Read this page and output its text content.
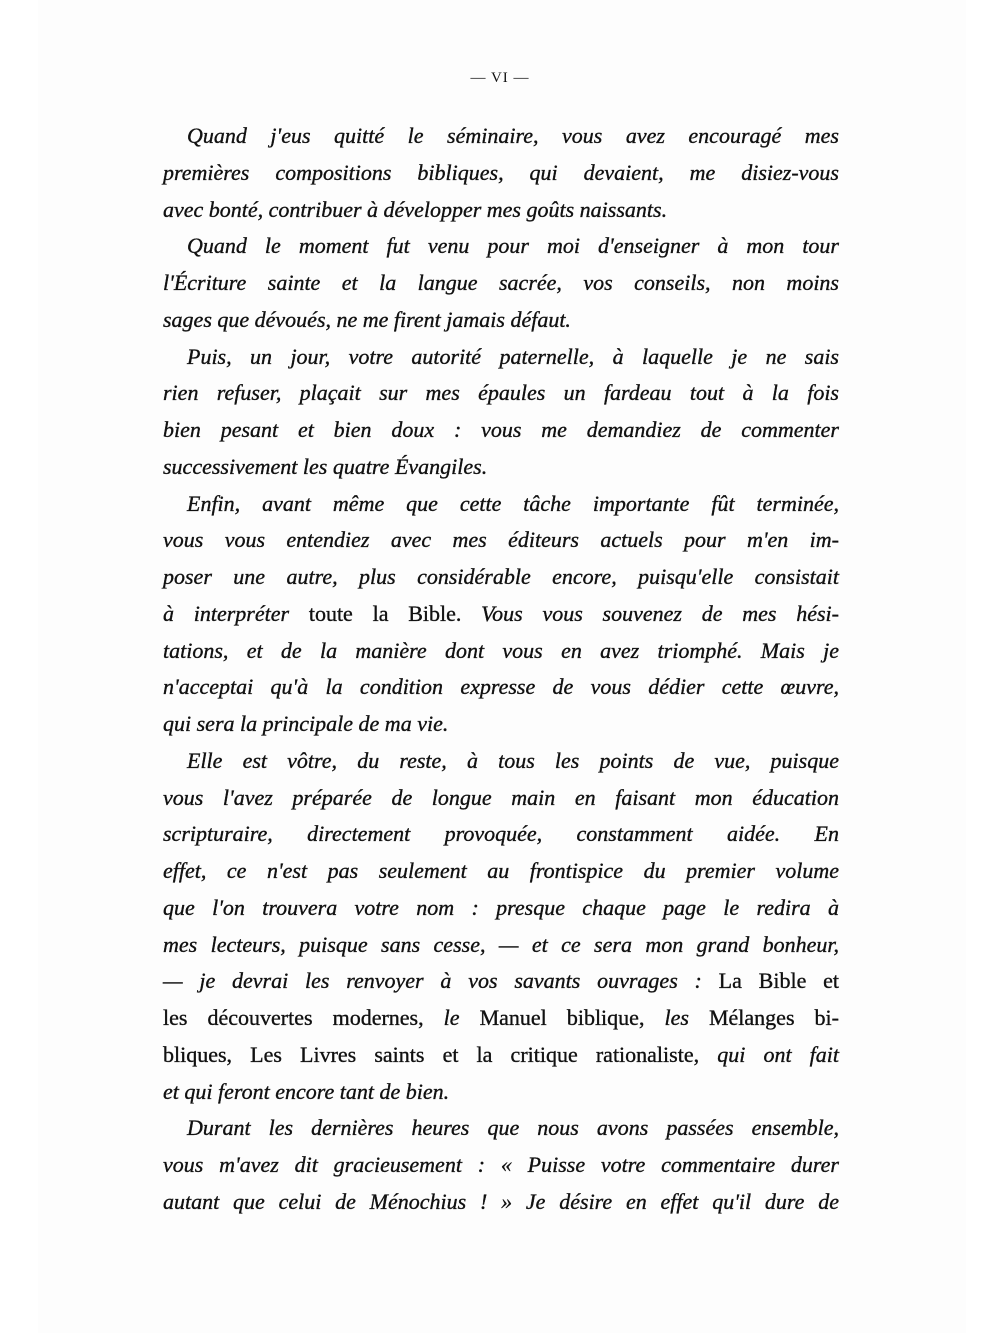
— VI —
Quand j'eus quitté le séminaire, vous avez encouragé mes
premières compositions bibliques, qui devaient, me disiez-vous
avec bonté, contribuer à développer mes goûts naissants.
Quand le moment fut venu pour moi d'enseigner à mon tour
l'Écriture sainte et la langue sacrée, vos conseils, non moins
sages que dévoués, ne me firent jamais défaut.
Puis, un jour, votre autorité paternelle, à laquelle je ne sais
rien refuser, plaçait sur mes épaules un fardeau tout à la fois
bien pesant et bien doux : vous me demandiez de commenter
successivement les quatre Évangiles.
Enfin, avant même que cette tâche importante fût terminée,
vous vous entendiez avec mes éditeurs actuels pour m'en im-
poser une autre, plus considérable encore, puisqu'elle consistait
à interpréter toute la Bible. Vous vous souvenez de mes hési-
tations, et de la manière dont vous en avez triomphé. Mais je
n'acceptai qu'à la condition expresse de vous dédier cette œuvre,
qui sera la principale de ma vie.
Elle est vôtre, du reste, à tous les points de vue, puisque
vous l'avez préparée de longue main en faisant mon éducation
scripturaire, directement provoquée, constamment aidée. En
effet, ce n'est pas seulement au frontispice du premier volume
que l'on trouvera votre nom : presque chaque page le redira à
mes lecteurs, puisque sans cesse, — et ce sera mon grand bonheur,
— je devrai les renvoyer à vos savants ouvrages : La Bible et
les découvertes modernes, le Manuel biblique, les Mélanges bi-
bliques, Les Livres saints et la critique rationaliste, qui ont fait
et qui feront encore tant de bien.
Durant les dernières heures que nous avons passées ensemble,
vous m'avez dit gracieusement : « Puisse votre commentaire durer
autant que celui de Ménochius ! » Je désire en effet qu'il dure de
